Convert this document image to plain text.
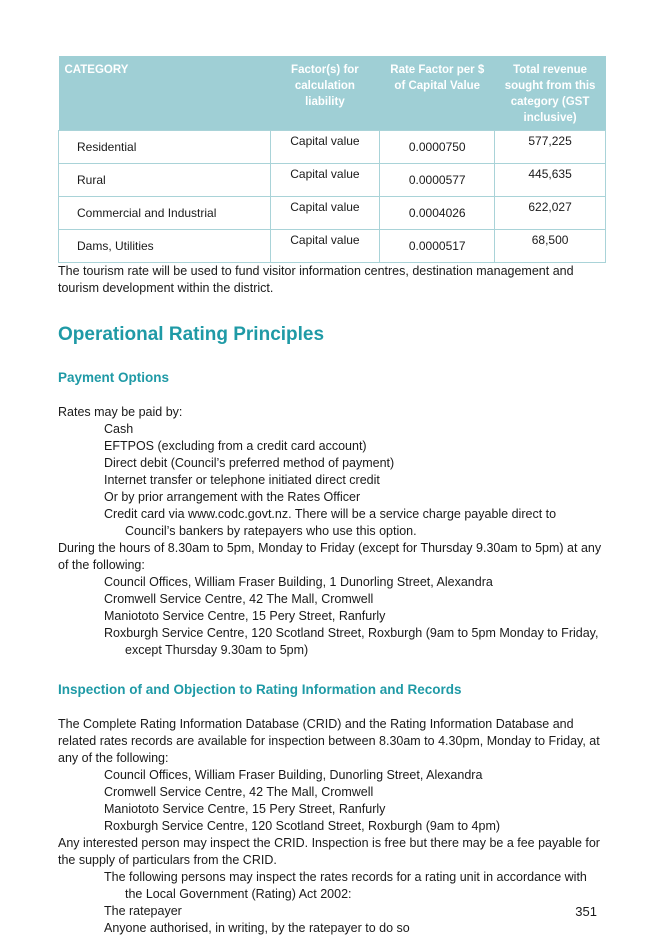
CATEGORY	Factor(s) for calculation liability	Rate Factor per $ of Capital Value	Total revenue sought from this category (GST inclusive)
Residential	Capital value	0.0000750	577,225
Rural	Capital value	0.0000577	445,635
Commercial and Industrial	Capital value	0.0004026	622,027
Dams, Utilities	Capital value	0.0000517	68,500

The tourism rate will be used to fund visitor information centres, destination management and tourism development within the district.

Operational Rating Principles
Payment Options

Rates may be paid by:

Cash
EFTPOS (excluding from a credit card account)
Direct debit (Council’s preferred method of payment)
Internet transfer or telephone initiated direct credit
Or by prior arrangement with the Rates Officer
Credit card via www.codc.govt.nz. There will be a service charge payable direct to Council’s bankers by ratepayers who use this option.

During the hours of 8.30am to 5pm, Monday to Friday (except for Thursday 9.30am to 5pm) at any of the following:

Council Offices, William Fraser Building, 1 Dunorling Street, Alexandra
Cromwell Service Centre, 42 The Mall, Cromwell
Maniototo Service Centre, 15 Pery Street, Ranfurly
Roxburgh Service Centre, 120 Scotland Street, Roxburgh (9am to 5pm Monday to Friday, except Thursday 9.30am to 5pm)
Inspection of and Objection to Rating Information and Records

The Complete Rating Information Database (CRID) and the Rating Information Database and related rates records are available for inspection between 8.30am to 4.30pm, Monday to Friday, at any of the following:

Council Offices, William Fraser Building, Dunorling Street, Alexandra
Cromwell Service Centre, 42 The Mall, Cromwell
Maniototo Service Centre, 15 Pery Street, Ranfurly
Roxburgh Service Centre, 120 Scotland Street, Roxburgh (9am to 4pm)

Any interested person may inspect the CRID. Inspection is free but there may be a fee payable for the supply of particulars from the CRID.

The following persons may inspect the rates records for a rating unit in accordance with the Local Government (Rating) Act 2002:
The ratepayer
Anyone authorised, in writing, by the ratepayer to do so
351
